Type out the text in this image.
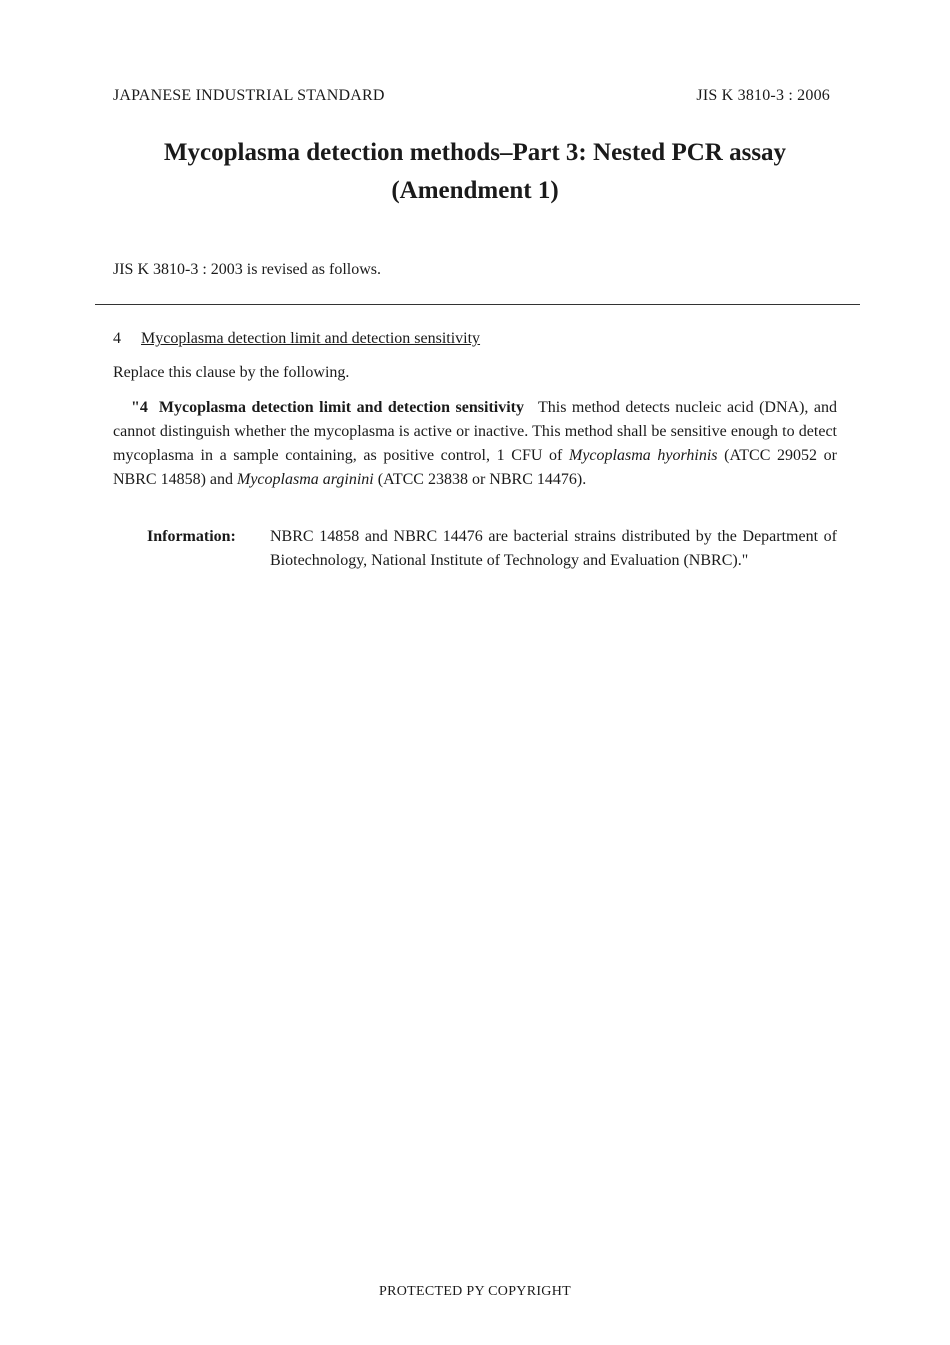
JAPANESE INDUSTRIAL STANDARD	JIS K 3810-3 : 2006
Mycoplasma detection methods–Part 3: Nested PCR assay
(Amendment 1)
JIS K 3810-3 : 2003 is revised as follows.
4 Mycoplasma detection limit and detection sensitivity
Replace this clause by the following.
"4 Mycoplasma detection limit and detection sensitivity This method detects nucleic acid (DNA), and cannot distinguish whether the mycoplasma is active or inactive. This method shall be sensitive enough to detect mycoplasma in a sample containing, as positive control, 1 CFU of Mycoplasma hyorhinis (ATCC 29052 or NBRC 14858) and Mycoplasma arginini (ATCC 23838 or NBRC 14476).
Information: NBRC 14858 and NBRC 14476 are bacterial strains distributed by the Department of Biotechnology, National Institute of Technology and Evaluation (NBRC)."
PROTECTED PY COPYRIGHT
